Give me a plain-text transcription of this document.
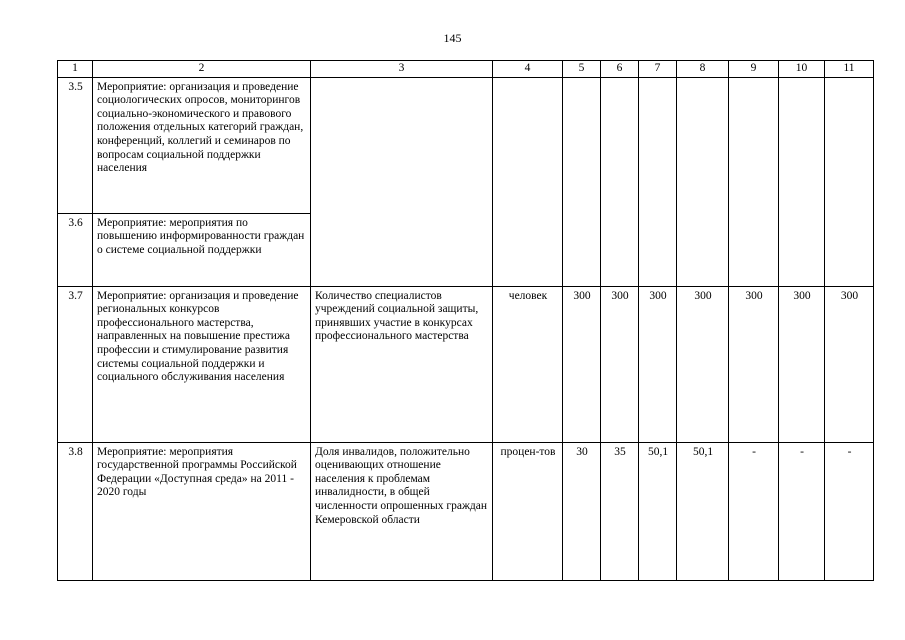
145
1	2	3	4	5	6	7	8	9	10	11
3.5	Мероприятие: организация и проведение социологических опросов, мониторингов социально-экономического и правового положения отдельных категорий граждан, конференций, коллегий и семинаров по вопросам социальной поддержки населения									
3.6	Мероприятие: мероприятия по повышению информированности граждан о системе социальной поддержки									
3.7	Мероприятие: организация и проведение региональных конкурсов профессионального мастерства, направленных на повышение престижа профессии и стимулирование развития системы социальной поддержки и социального обслуживания населения	Количество специалистов учреждений социальной защиты, принявших участие в конкурсах профессионального мастерства	человек	300	300	300	300	300	300	300
3.8	Мероприятие: мероприятия государственной программы Российской Федерации «Доступная среда» на 2011 - 2020 годы	Доля инвалидов, положительно оценивающих отношение населения к проблемам инвалидности, в общей численности опрошенных граждан Кемеровской области	процен-тов	30	35	50,1	50,1	-	-	-
